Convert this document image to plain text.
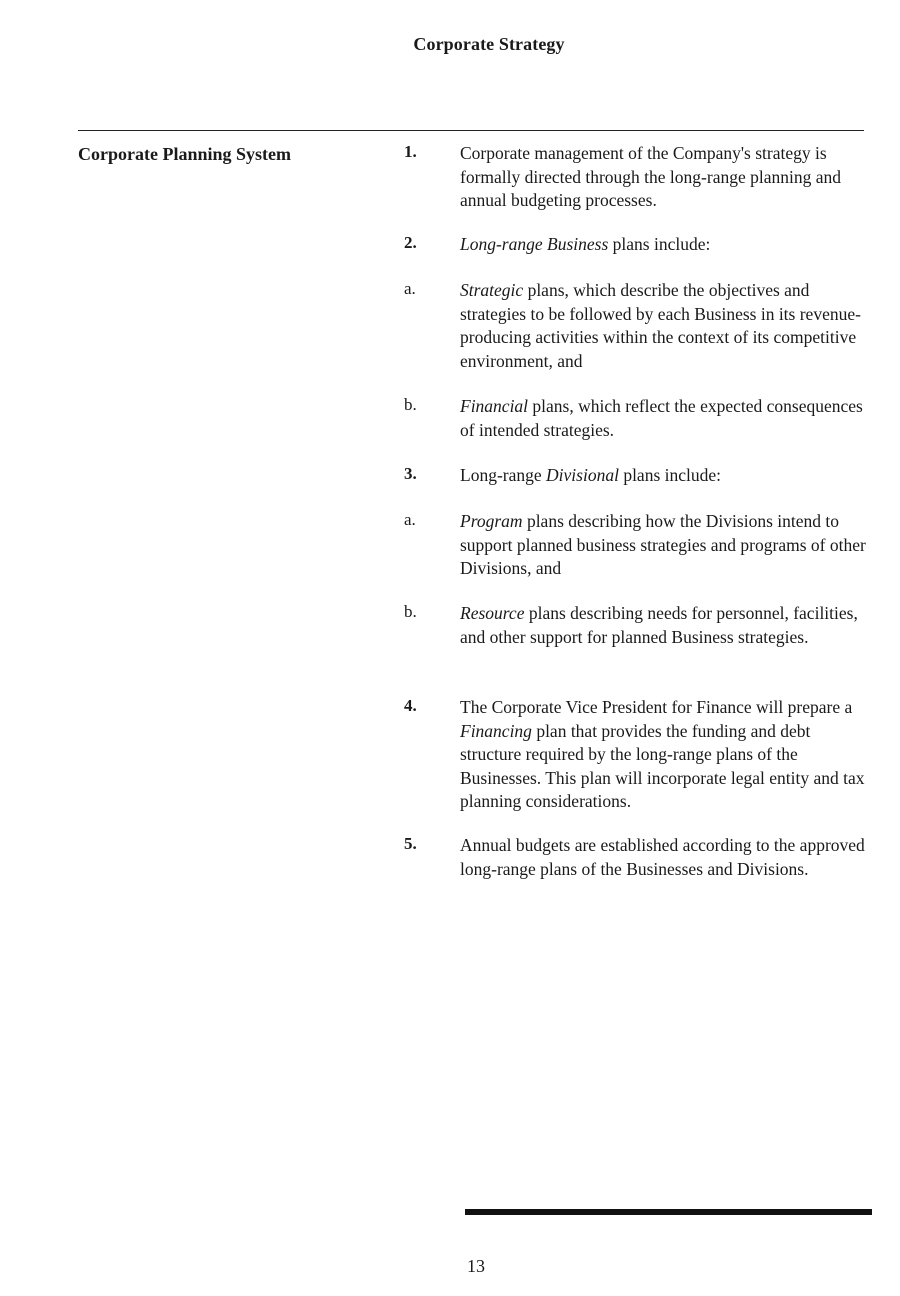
Corporate Strategy
Corporate Planning System	1. Corporate management of the Company's strategy is formally directed through the long-range planning and annual budgeting processes.
2. Long-range Business plans include:
a.	Strategic plans, which describe the objectives and strategies to be followed by each Business in its revenue-producing activities within the context of its competitive environment, and
b. Financial plans, which reflect the expected consequences of intended strategies.
3. Long-range Divisional plans include:
a.	Program plans describing how the Divisions intend to support planned business strategies and programs of other Divisions, and
b. Resource plans describing needs for personnel, facilities, and other support for planned Business strategies.
4. The Corporate Vice President for Finance will prepare a Financing plan that provides the funding and debt structure required by the long-range plans of the Businesses. This plan will incorporate legal entity and tax planning considerations.
5. Annual budgets are established according to the approved long-range plans of the Businesses and Divisions.
13
